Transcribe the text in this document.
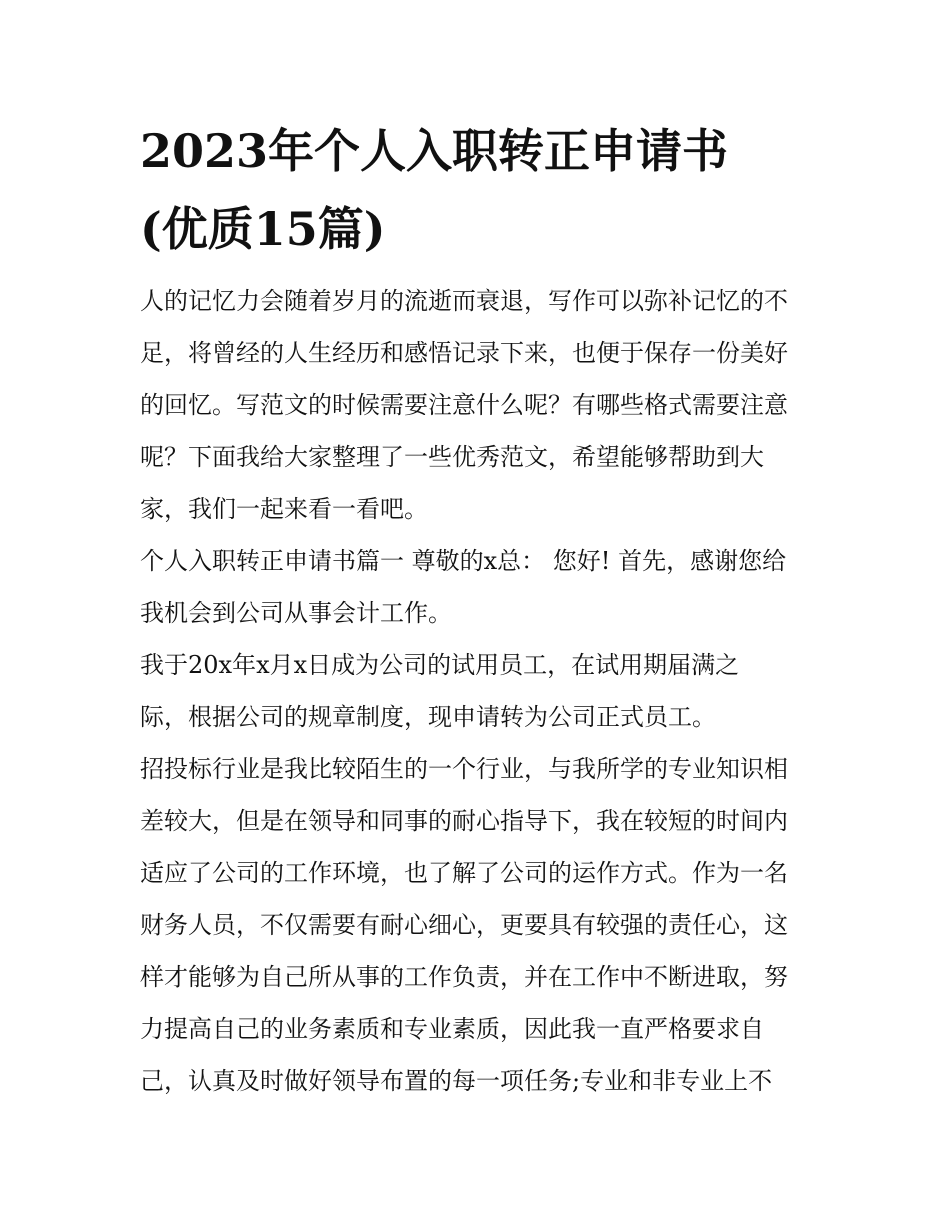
2023年个人入职转正申请书
(优质15篇)

人的记忆力会随着岁月的流逝而衰退，写作可以弥补记忆的不
足，将曾经的人生经历和感悟记录下来，也便于保存一份美好
的回忆。写范文的时候需要注意什么呢？有哪些格式需要注意
呢？下面我给大家整理了一些优秀范文，希望能够帮助到大
家，我们一起来看一看吧。

个人入职转正申请书篇一 尊敬的x总： 您好! 首先，感谢您给
我机会到公司从事会计工作。

我于20x年x月x日成为公司的试用员工，在试用期届满之
际，根据公司的规章制度，现申请转为公司正式员工。

招投标行业是我比较陌生的一个行业，与我所学的专业知识相
差较大，但是在领导和同事的耐心指导下，我在较短的时间内
适应了公司的工作环境，也了解了公司的运作方式。作为一名
财务人员，不仅需要有耐心细心，更要具有较强的责任心，这
样才能够为自己所从事的工作负责，并在工作中不断进取，努
力提高自己的业务素质和专业素质，因此我一直严格要求自
己，认真及时做好领导布置的每一项任务;专业和非专业上不
